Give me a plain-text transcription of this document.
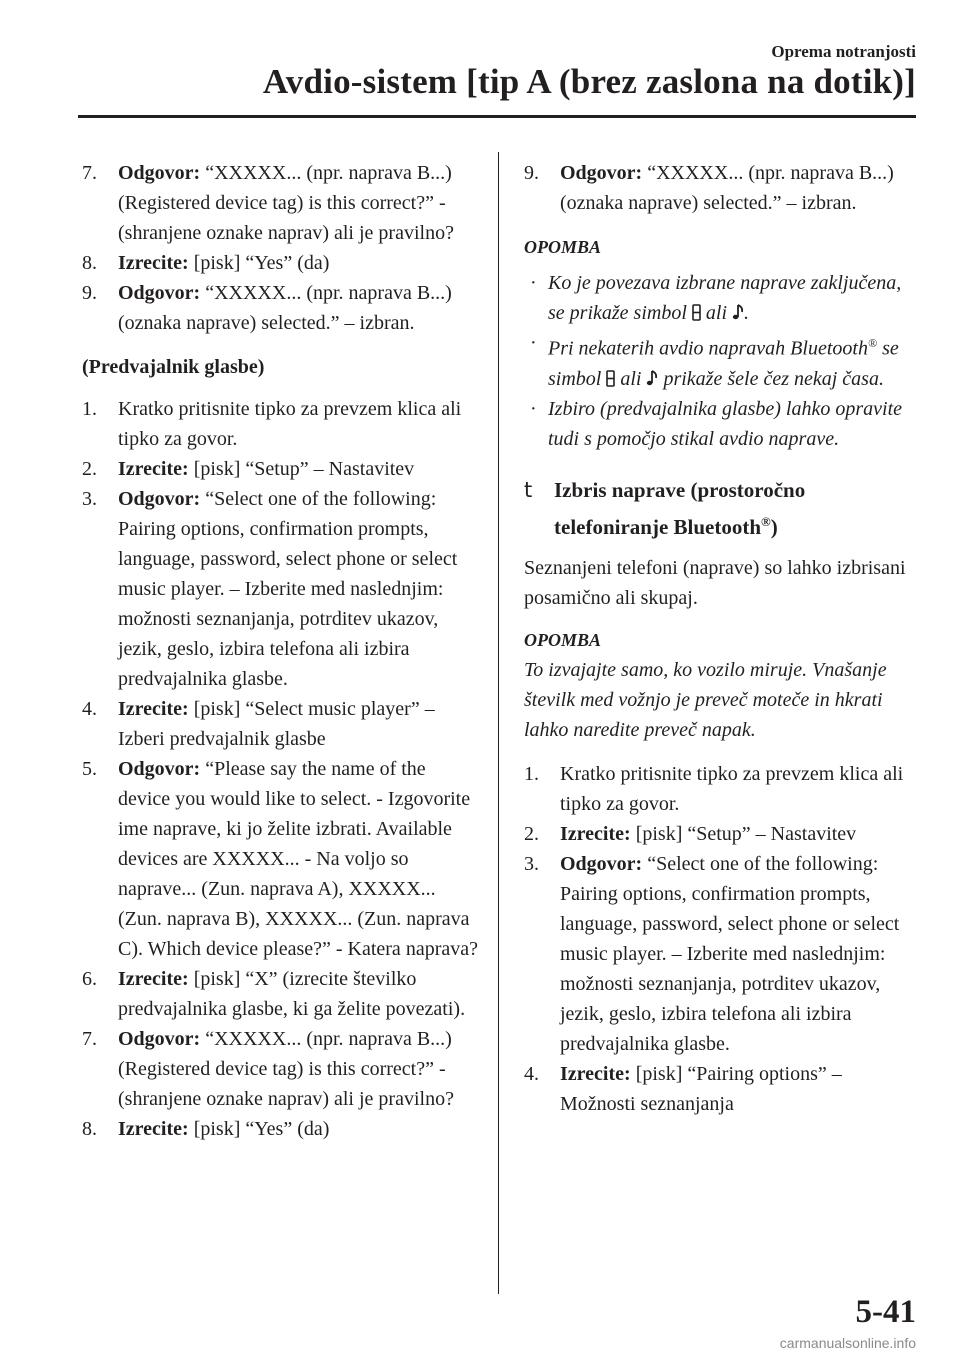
Oprema notranjosti
Avdio-sistem [tip A (brez zaslona na dotik)]
7. Odgovor: “XXXXX... (npr. naprava B...) (Registered device tag) is this correct?” - (shranjene oznake naprav) ali je pravilno?
8. Izrecite: [pisk] “Yes” (da)
9. Odgovor: “XXXXX... (npr. naprava B...) (oznaka naprave) selected.” – izbran.
(Predvajalnik glasbe)
1. Kratko pritisnite tipko za prevzem klica ali tipko za govor.
2. Izrecite: [pisk] “Setup” – Nastavitev
3. Odgovor: “Select one of the following: Pairing options, confirmation prompts, language, password, select phone or select music player. – Izberite med naslednjim: možnosti seznanjanja, potrditev ukazov, jezik, geslo, izbira telefona ali izbira predvajalnika glasbe.
4. Izrecite: [pisk] “Select music player” – Izberi predvajalnik glasbe
5. Odgovor: “Please say the name of the device you would like to select. - Izgovorite ime naprave, ki jo želite izbrati. Available devices are XXXXX... - Na voljo so naprave... (Zun. naprava A), XXXXX... (Zun. naprava B), XXXXX... (Zun. naprava C). Which device please?” - Katera naprava?
6. Izrecite: [pisk] “X” (izrecite številko predvajalnika glasbe, ki ga želite povezati).
7. Odgovor: “XXXXX... (npr. naprava B...) (Registered device tag) is this correct?” - (shranjene oznake naprav) ali je pravilno?
8. Izrecite: [pisk] “Yes” (da)
9. Odgovor: “XXXXX... (npr. naprava B...) (oznaka naprave) selected.” – izbran.
OPOMBA
· Ko je povezava izbrane naprave zaključena, se prikaže simbol  ali .
· Pri nekaterih avdio napravah Bluetooth® se simbol  ali  prikaže šele čez nekaj časa.
· Izbiro (predvajalnika glasbe) lahko opravite tudi s pomočjo stikal avdio naprave.
t Izbris naprave (prostoročno telefoniranje Bluetooth®)

Seznanjeni telefoni (naprave) so lahko izbrisani posamično ali skupaj.

OPOMBA
To izvajajte samo, ko vozilo miruje. Vnašanje številk med vožnjo je preveč moteče in hkrati lahko naredite preveč napak.
1. Kratko pritisnite tipko za prevzem klica ali tipko za govor.
2. Izrecite: [pisk] “Setup” – Nastavitev
3. Odgovor: “Select one of the following: Pairing options, confirmation prompts, language, password, select phone or select music player. – Izberite med naslednjim: možnosti seznanjanja, potrditev ukazov, jezik, geslo, izbira telefona ali izbira predvajalnika glasbe.
4. Izrecite: [pisk] “Pairing options” – Možnosti seznanjanja
5-41
carmanualsonline.info
